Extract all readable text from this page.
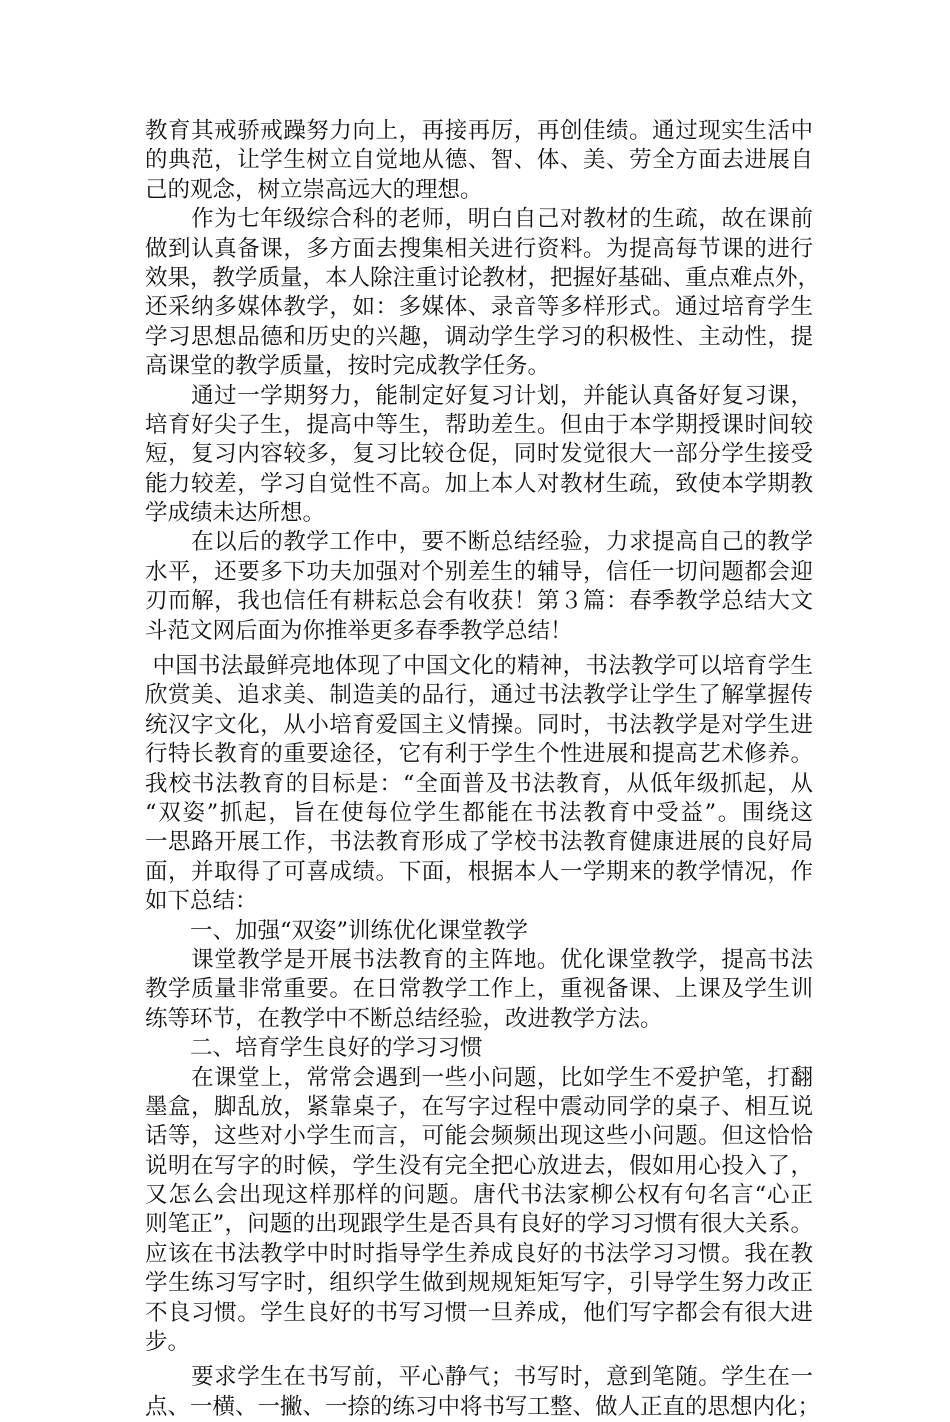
教育其戒骄戒躁努力向上，再接再厉，再创佳绩。通过现实生活中
的典范，让学生树立自觉地从德、智、体、美、劳全方面去进展自
己的观念，树立崇高远大的理想。
　　作为七年级综合科的老师，明白自己对教材的生疏，故在课前
做到认真备课，多方面去搜集相关进行资料。为提高每节课的进行
效果，教学质量，本人除注重讨论教材，把握好基础、重点难点外，
还采纳多媒体教学，如：多媒体、录音等多样形式。通过培育学生
学习思想品德和历史的兴趣，调动学生学习的积极性、主动性，提
高课堂的教学质量，按时完成教学任务。
　　通过一学期努力，能制定好复习计划，并能认真备好复习课，
培育好尖子生，提高中等生，帮助差生。但由于本学期授课时间较
短，复习内容较多，复习比较仓促，同时发觉很大一部分学生接受
能力较差，学习自觉性不高。加上本人对教材生疏，致使本学期教
学成绩未达所想。
　　在以后的教学工作中，要不断总结经验，力求提高自己的教学
水平，还要多下功夫加强对个别差生的辅导，信任一切问题都会迎
刃而解，我也信任有耕耘总会有收获！第３篇：春季教学总结大文
斗范文网后面为你推举更多春季教学总结！
中国书法最鲜亮地体现了中国文化的精神，书法教学可以培育学生
欣赏美、追求美、制造美的品行，通过书法教学让学生了解掌握传
统汉字文化，从小培育爱国主义情操。同时，书法教学是对学生进
行特长教育的重要途径，它有利于学生个性进展和提高艺术修养。
我校书法教育的目标是：“全面普及书法教育，从低年级抓起，从
“双姿”抓起，旨在使每位学生都能在书法教育中受益”。围绕这
一思路开展工作，书法教育形成了学校书法教育健康进展的良好局
面，并取得了可喜成绩。下面，根据本人一学期来的教学情况，作
如下总结：
　　一、加强“双姿”训练优化课堂教学
　　课堂教学是开展书法教育的主阵地。优化课堂教学，提高书法
教学质量非常重要。在日常教学工作上，重视备课、上课及学生训
练等环节，在教学中不断总结经验，改进教学方法。
　　二、培育学生良好的学习习惯
　　在课堂上，常常会遇到一些小问题，比如学生不爱护笔，打翻
墨盒，脚乱放，紧靠桌子，在写字过程中震动同学的桌子、相互说
话等，这些对小学生而言，可能会频频出现这些小问题。但这恰恰
说明在写字的时候，学生没有完全把心放进去，假如用心投入了，
又怎么会出现这样那样的问题。唐代书法家柳公权有句名言“心正
则笔正”，问题的出现跟学生是否具有良好的学习习惯有很大关系。
应该在书法教学中时时指导学生养成良好的书法学习习惯。我在教
学生练习写字时，组织学生做到规规矩矩写字，引导学生努力改正
不良习惯。学生良好的书写习惯一旦养成，他们写字都会有很大进
步。
　　要求学生在书写前，平心静气；书写时，意到笔随。学生在一
点、一横、一撇、一捺的练习中将书写工整、做人正直的思想内化；
